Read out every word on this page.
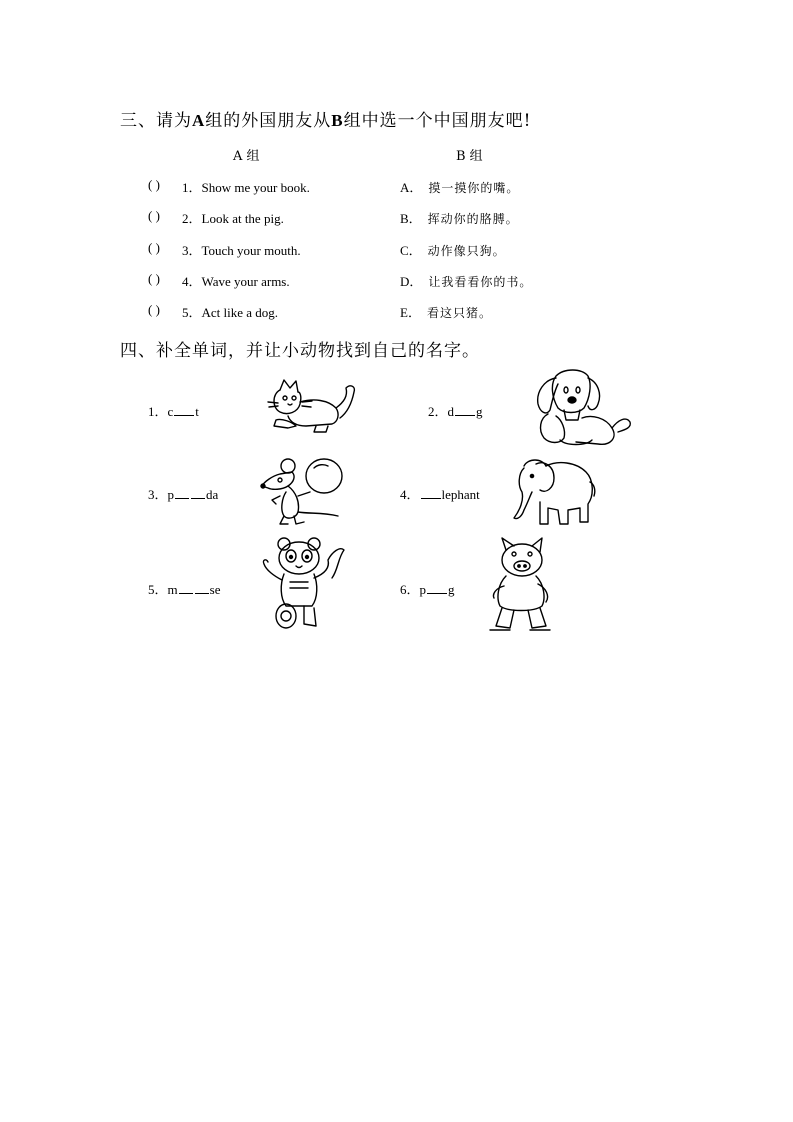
三、请为A组的外国朋友从B组中选一个中国朋友吧!
A 组	B 组
( ) 1．Show me your book.	A． 摸一摸你的嘴。
( ) 2．Look at the pig.	B． 挥动你的胳膊。
( ) 3．Touch your mouth.	C． 动作像只狗。
( ) 4．Wave your arms.	D． 让我看看你的书。
( ) 5．Act like a dog.	E． 看这只猪。
四、补全单词，并让小动物找到自己的名字。
1．c t	2．d g
3．p da	4． lephant
5．m se	6．p g
